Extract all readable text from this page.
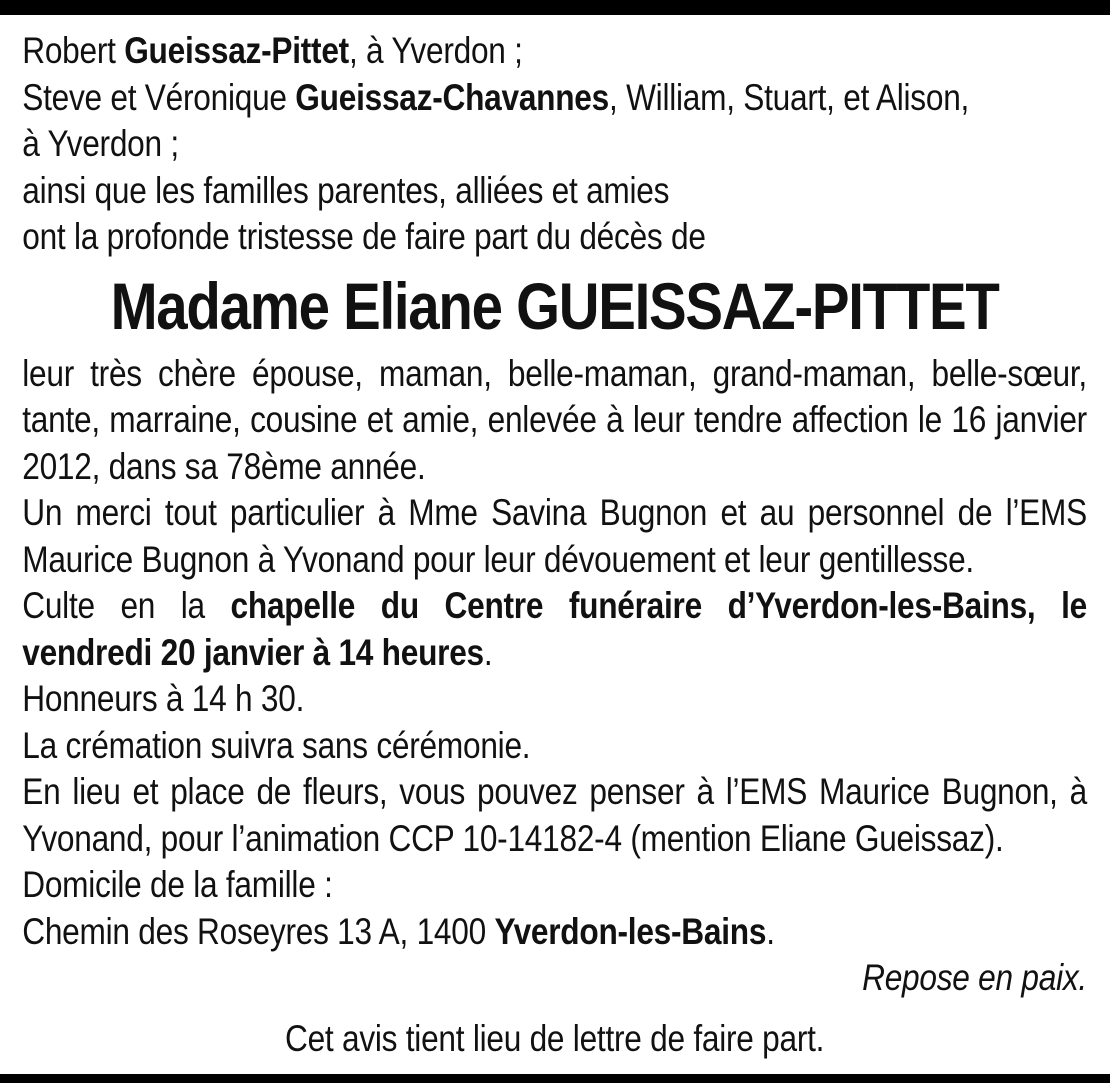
Robert Gueissaz-Pittet, à Yverdon ;
Steve et Véronique Gueissaz-Chavannes, William, Stuart, et Alison,
à Yverdon ;
ainsi que les familles parentes, alliées et amies
ont la profonde tristesse de faire part du décès de
Madame Eliane GUEISSAZ-PITTET

leur très chère épouse, maman, belle-maman, grand-maman, belle-sœur, tante, marraine, cousine et amie, enlevée à leur tendre affection le 16 janvier 2012, dans sa 78ème année.

Un merci tout particulier à Mme Savina Bugnon et au personnel de l’EMS Maurice Bugnon à Yvonand pour leur dévouement et leur gentillesse.

Culte en la chapelle du Centre funéraire d’Yverdon-les-Bains, le vendredi 20 janvier à 14 heures.

Honneurs à 14 h 30.
La crémation suivra sans cérémonie.

En lieu et place de fleurs, vous pouvez penser à l’EMS Maurice Bugnon, à Yvonand, pour l’animation CCP 10-14182-4 (mention Eliane Gueissaz).

Domicile de la famille :
Chemin des Roseyres 13 A, 1400 Yverdon-les-Bains.
Repose en paix.
Cet avis tient lieu de lettre de faire part.
